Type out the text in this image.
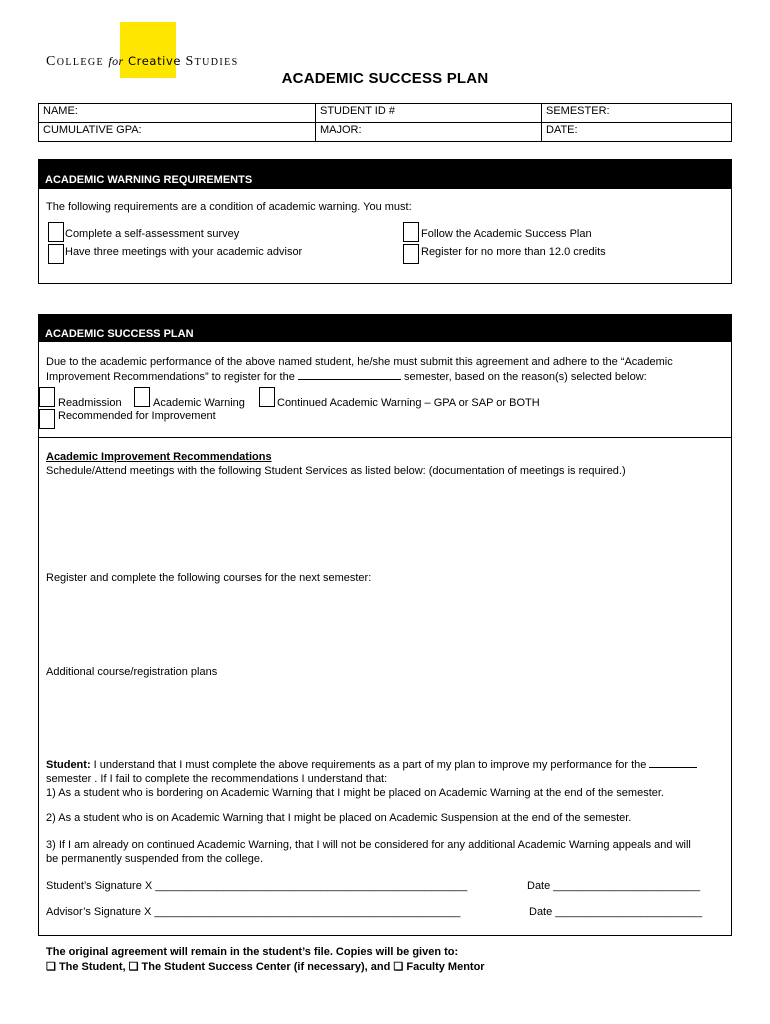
College for Creative Studies
ACADEMIC SUCCESS PLAN
NAME:	STUDENT ID #	SEMESTER:
CUMULATIVE GPA:	MAJOR:	DATE:
ACADEMIC WARNING REQUIREMENTS
The following requirements are a condition of academic warning. You must:
Complete a self-assessment survey
Have three meetings with your academic advisor
Follow the Academic Success Plan
Register for no more than 12.0 credits
ACADEMIC SUCCESS PLAN
Due to the academic performance of the above named student, he/she must submit this agreement and adhere to the “Academic
Improvement Recommendations” to register for the	semester, based on the reason(s) selected below:
Readmission	Academic Warning	Continued Academic Warning – GPA or SAP or BOTH
Recommended for Improvement
Academic Improvement Recommendations
Schedule/Attend meetings with the following Student Services as listed below: (documentation of meetings is required.)
Register and complete the following courses for the next semester:
Additional course/registration plans
Student: I understand that I must complete the above requirements as a part of my plan to improve my performance for the
semester . If I fail to complete the recommendations I understand that:
1) As a student who is bordering on Academic Warning that I might be placed on Academic Warning at the end of the semester.
2) As a student who is on Academic Warning that I might be placed on Academic Suspension at the end of the semester.
3) If I am already on continued Academic Warning, that I will not be considered for any additional Academic Warning appeals and will
be permanently suspended from the college.
Student’s Signature X ___________________________________________________	Date ________________________
Advisor’s Signature X __________________________________________________	Date ________________________
The original agreement will remain in the student’s file. Copies will be given to:
❏ The Student, ❏ The Student Success Center (if necessary), and ❏ Faculty Mentor
